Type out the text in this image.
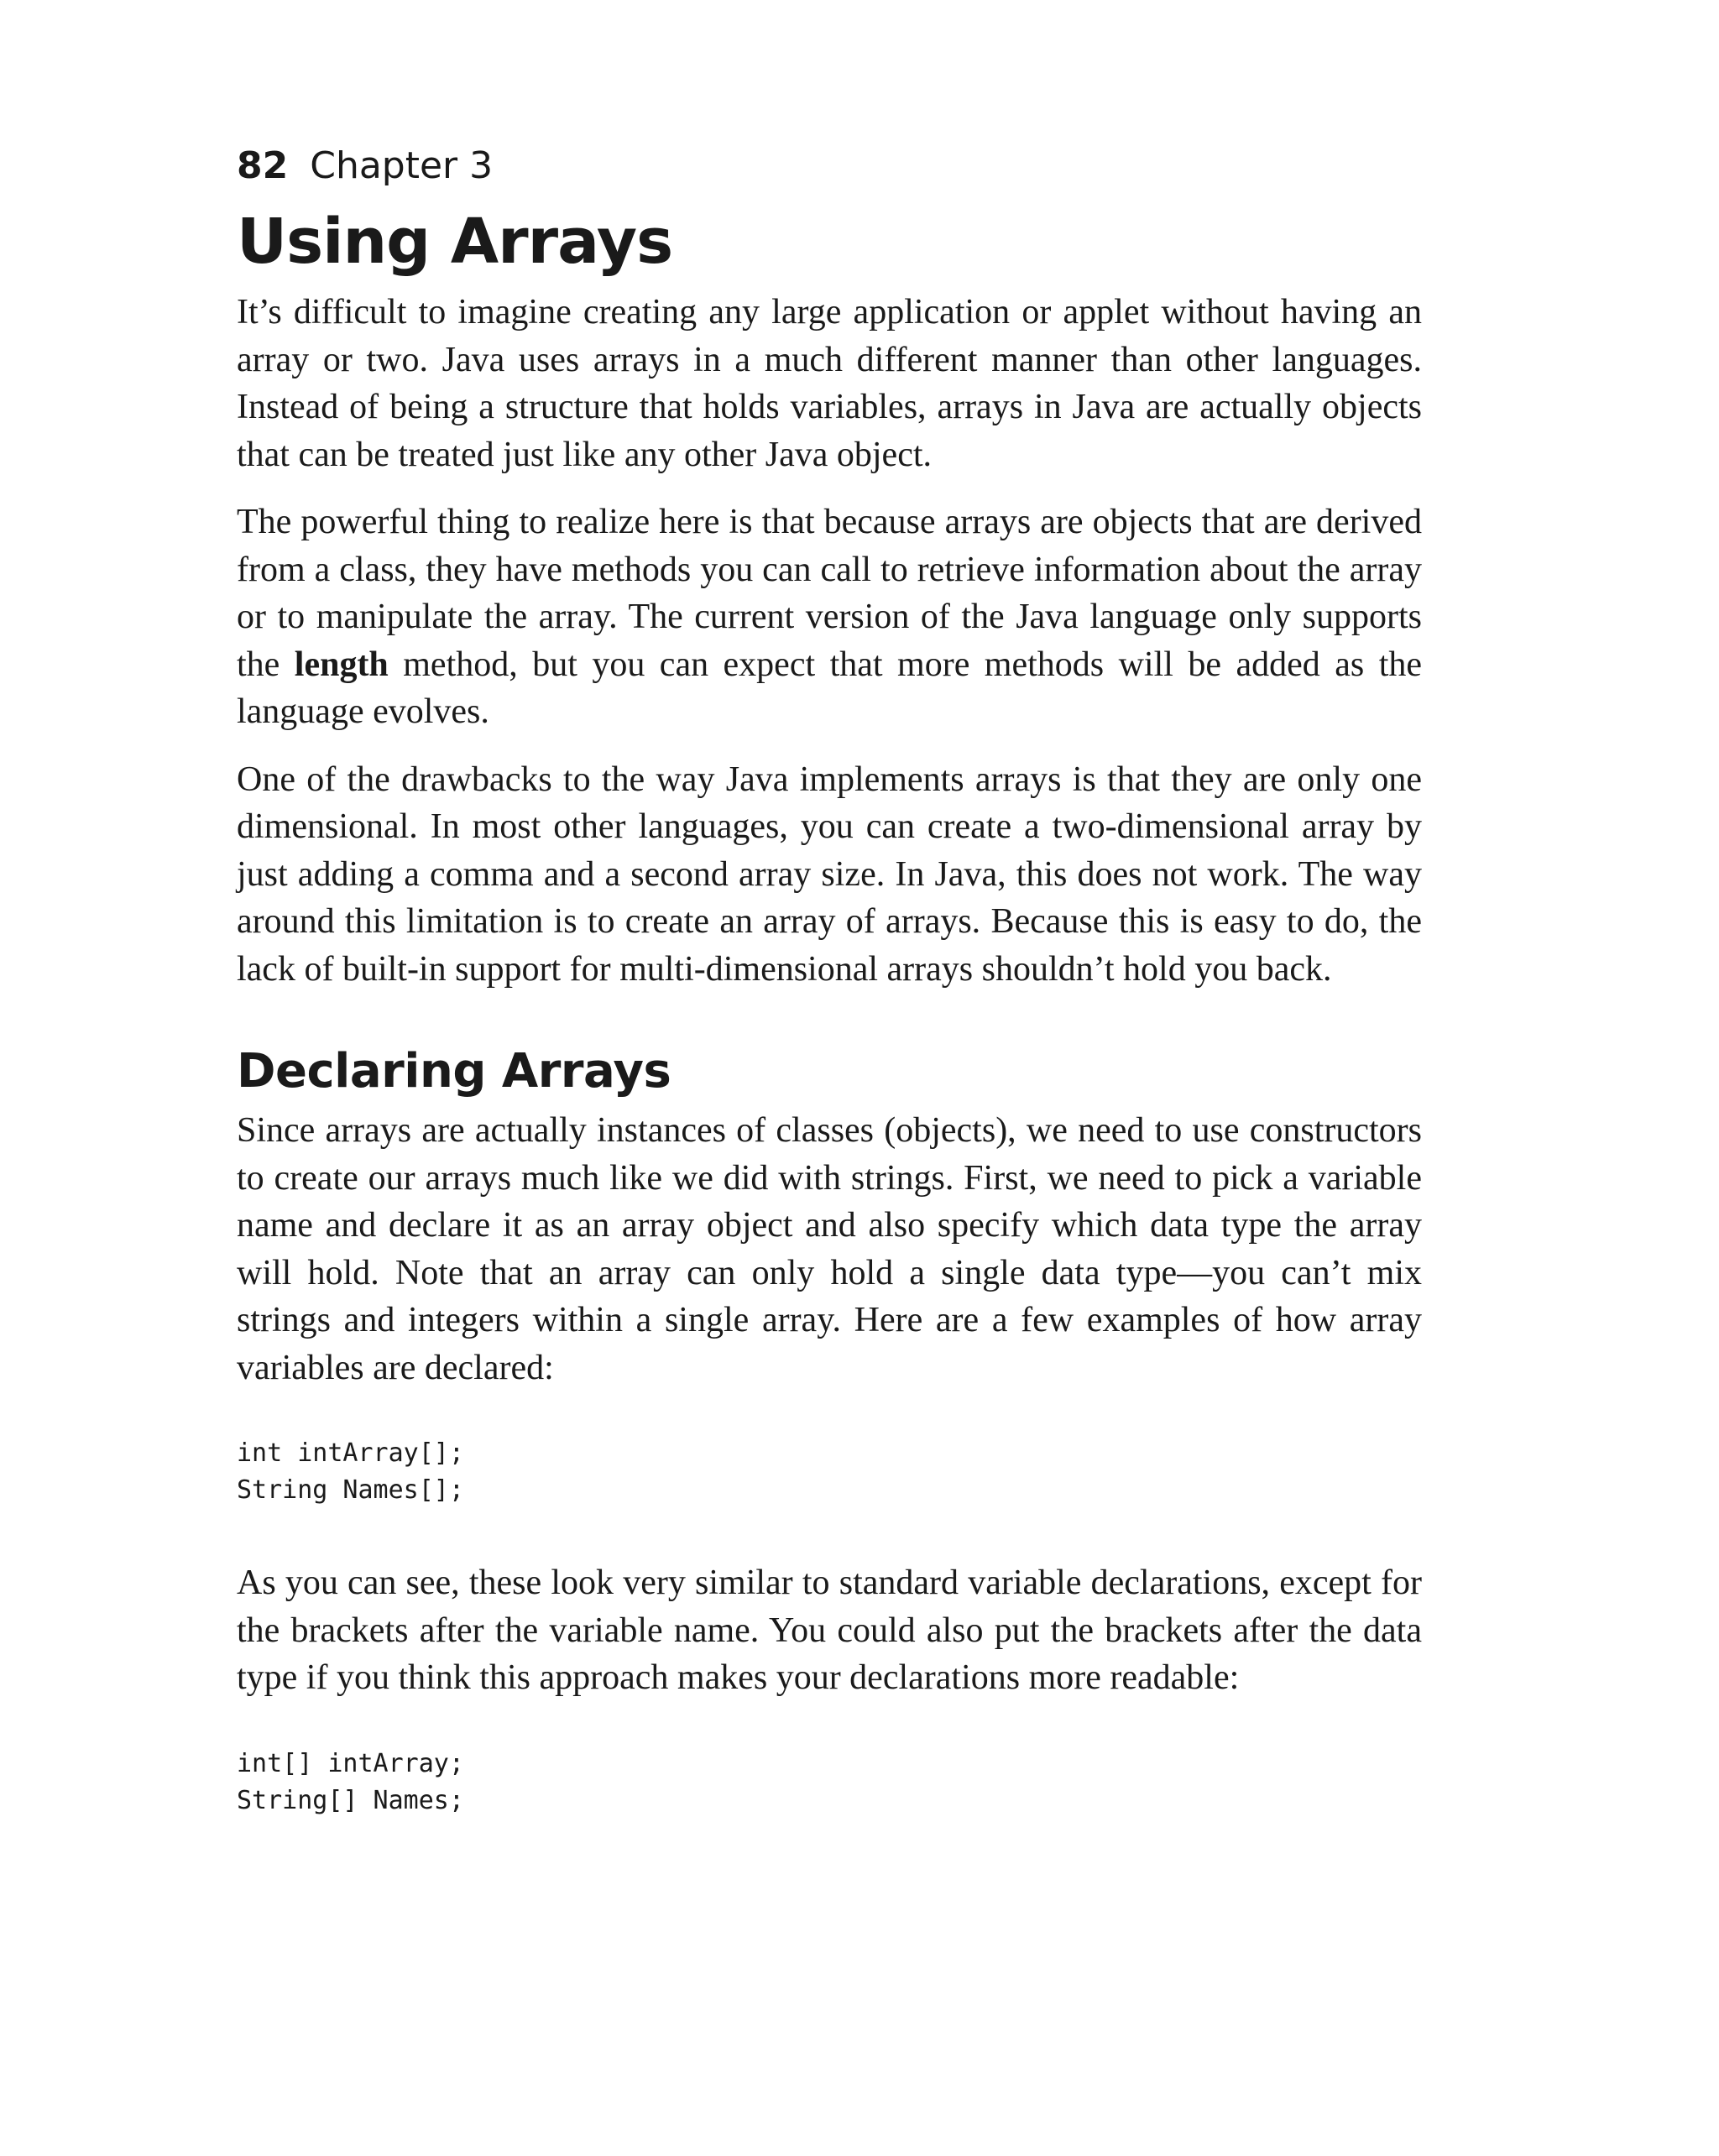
82 Chapter 3
Using Arrays

It’s difficult to imagine creating any large application or applet without having an array or two. Java uses arrays in a much different manner than other languages. Instead of being a structure that holds variables, arrays in Java are actually objects that can be treated just like any other Java object.

The powerful thing to realize here is that because arrays are objects that are derived from a class, they have methods you can call to retrieve information about the array or to manipulate the array. The current version of the Java language only supports the length method, but you can expect that more methods will be added as the language evolves.

One of the drawbacks to the way Java implements arrays is that they are only one dimensional. In most other languages, you can create a two-dimensional array by just adding a comma and a second array size. In Java, this does not work. The way around this limitation is to create an array of arrays. Because this is easy to do, the lack of built-in support for multi-dimensional arrays shouldn’t hold you back.

Declaring Arrays

Since arrays are actually instances of classes (objects), we need to use constructors to create our arrays much like we did with strings. First, we need to pick a variable name and declare it as an array object and also specify which data type the array will hold. Note that an array can only hold a single data type—you can’t mix strings and integers within a single array. Here are a few examples of how array variables are declared:

int intArray[];
String Names[];

As you can see, these look very similar to standard variable declarations, except for the brackets after the variable name. You could also put the brackets after the data type if you think this approach makes your declarations more readable:

int[] intArray;
String[] Names;
